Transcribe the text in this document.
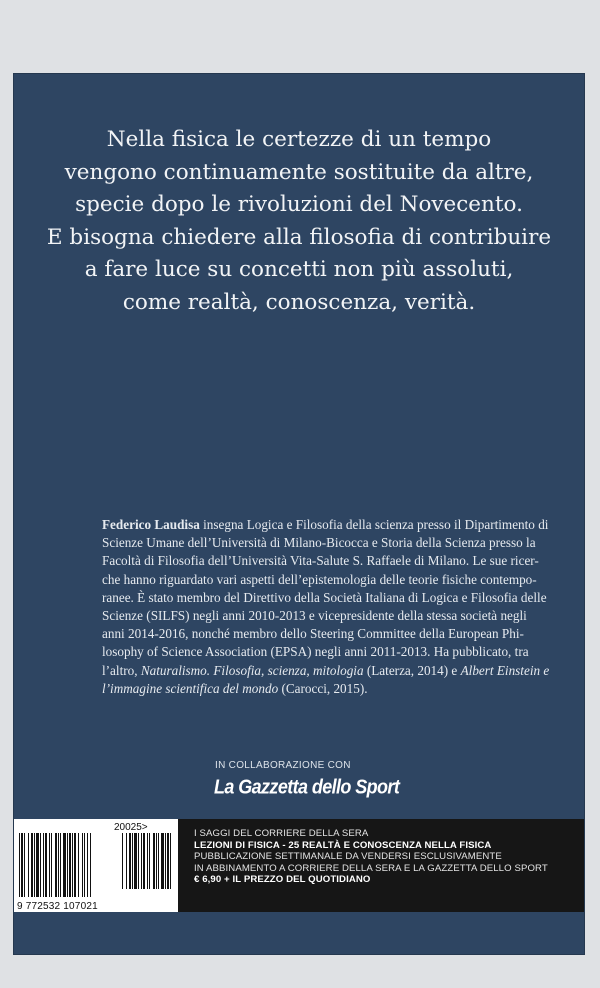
Nella fisica le certezze di un tempo
vengono continuamente sostituite da altre,
specie dopo le rivoluzioni del Novecento.
E bisogna chiedere alla filosofia di contribuire
a fare luce su concetti non più assoluti,
come realtà, conoscenza, verità.
Federico Laudisa insegna Logica e Filosofia della scienza presso il Dipartimento di
Scienze Umane dell’Università di Milano-Bicocca e Storia della Scienza presso la
Facoltà di Filosofia dell’Università Vita-Salute S. Raffaele di Milano. Le sue ricer-
che hanno riguardato vari aspetti dell’epistemologia delle teorie fisiche contempo-
ranee. È stato membro del Direttivo della Società Italiana di Logica e Filosofia delle
Scienze (SILFS) negli anni 2010-2013 e vicepresidente della stessa società negli
anni 2014-2016, nonché membro dello Steering Committee della European Phi-
losophy of Science Association (EPSA) negli anni 2011-2013. Ha pubblicato, tra
l’altro, Naturalismo. Filosofia, scienza, mitologia (Laterza, 2014) e Albert Einstein e
l’immagine scientifica del mondo (Carocci, 2015).
IN COLLABORAZIONE CON
La Gazzetta dello Sport
20025>
9 772532 107021
I SAGGI DEL CORRIERE DELLA SERA
LEZIONI DI FISICA - 25 REALTÀ E CONOSCENZA NELLA FISICA
PUBBLICAZIONE SETTIMANALE DA VENDERSI ESCLUSIVAMENTE
IN ABBINAMENTO A CORRIERE DELLA SERA E LA GAZZETTA DELLO SPORT
€ 6,90 + IL PREZZO DEL QUOTIDIANO
